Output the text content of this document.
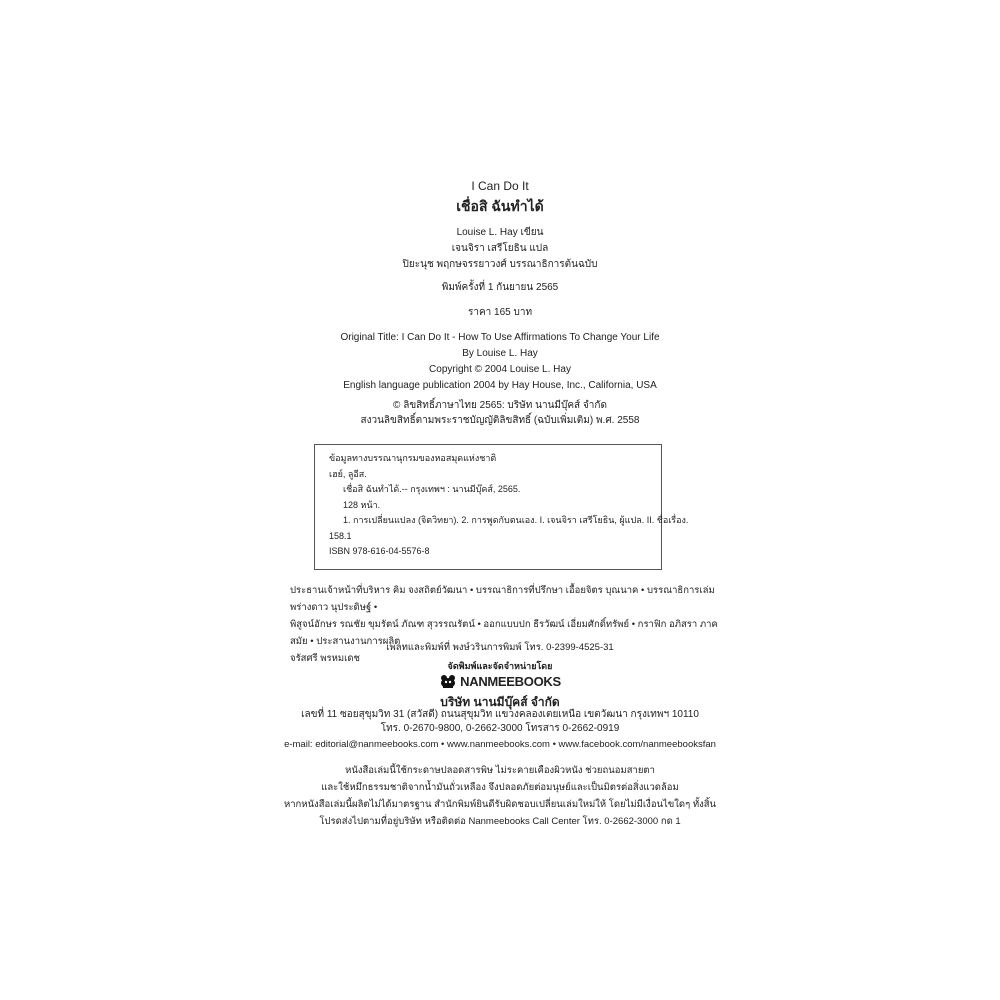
I Can Do It
เชื่อสิ ฉันทำได้
Louise L. Hay เขียน
เจนจิรา เสรีโยธิน แปล
ปิยะนุช พฤกษจรรยาวงศ์ บรรณาธิการต้นฉบับ
พิมพ์ครั้งที่ 1 กันยายน 2565
ราคา 165 บาท
Original Title: I Can Do It - How To Use Affirmations To Change Your Life
By Louise L. Hay
Copyright © 2004 Louise L. Hay
English language publication 2004 by Hay House, Inc., California, USA
© ลิขสิทธิ์ภาษาไทย 2565: บริษัท นานมีบุ๊คส์ จำกัด
สงวนลิขสิทธิ์ตามพระราชบัญญัติลิขสิทธิ์ (ฉบับเพิ่มเติม) พ.ศ. 2558
ข้อมูลทางบรรณานุกรมของหอสมุดแห่งชาติ
เฮย์, ลูอีส.
เชื่อสิ ฉันทำได้.-- กรุงเทพฯ : นานมีบุ๊คส์, 2565.
128 หน้า.
1. การเปลี่ยนแปลง (จิตวิทยา). 2. การพูดกับตนเอง. I. เจนจิรา เสรีโยธิน, ผู้แปล. II. ชื่อเรื่อง.
158.1
ISBN 978-616-04-5576-8
ประธานเจ้าหน้าที่บริหาร คิม จงสถิตย์วัฒนา • บรรณาธิการที่ปรึกษา เอื้อยจิตร บุณนาค • บรรณาธิการเล่ม พร่างดาว นุประดิษฐ์ •
พิสูจน์อักษร รณชัย ขุมรัตน์ ภัณฑ สุวรรณรัตน์ • ออกแบบปก ธีรวัฒน์ เอี่ยมศักดิ์ทรัพย์ • กราฟิก อภิสรา ภาคสมัย • ประสานงานการผลิต
จรัสศรี พรหมเดช
เพลทและพิมพ์ที่ พงษ์วรินการพิมพ์ โทร. 0-2399-4525-31
จัดพิมพ์และจัดจำหน่ายโดย
NANMEEBOOKS
บริษัท นานมีบุ๊คส์ จำกัด
เลขที่ 11 ซอยสุขุมวิท 31 (สวัสดี) ถนนสุขุมวิท แขวงคลองเตยเหนือ เขตวัฒนา กรุงเทพฯ 10110
โทร. 0-2670-9800, 0-2662-3000 โทรสาร 0-2662-0919
e-mail: editorial@nanmeebooks.com • www.nanmeebooks.com • www.facebook.com/nanmeebooksfan
หนังสือเล่มนี้ใช้กระดาษปลอดสารพิษ ไม่ระคายเคืองผิวหนัง ช่วยถนอมสายตา
และใช้หมึกธรรมชาติจากน้ำมันถั่วเหลือง จึงปลอดภัยต่อมนุษย์และเป็นมิตรต่อสิ่งแวดล้อม
หากหนังสือเล่มนี้ผลิตไม่ได้มาตรฐาน สำนักพิมพ์ยินดีรับผิดชอบเปลี่ยนเล่มใหม่ให้ โดยไม่มีเงื่อนไขใดๆ ทั้งสิ้น
โปรดส่งไปตามที่อยู่บริษัท หรือติดต่อ Nanmeebooks Call Center โทร. 0-2662-3000 กด 1
